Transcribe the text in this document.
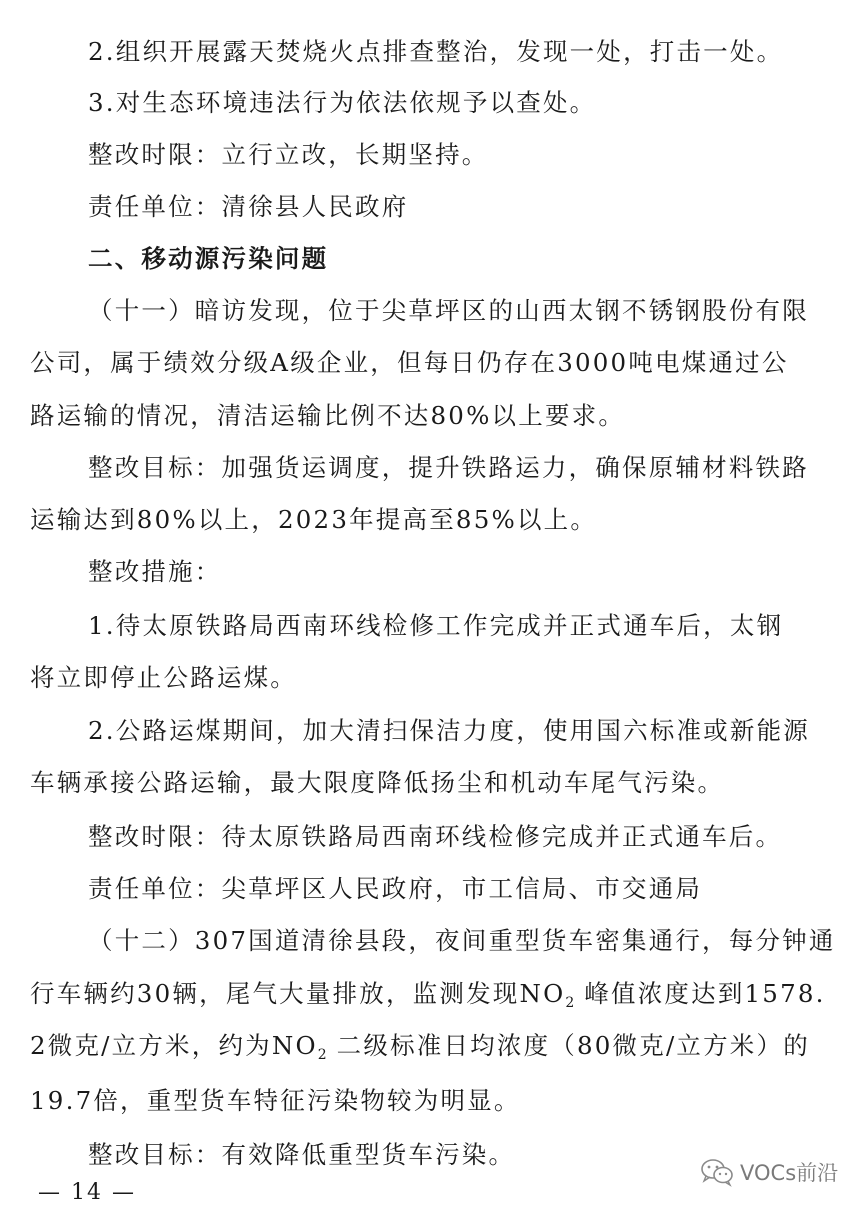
2.组织开展露天焚烧火点排查整治，发现一处，打击一处。
3.对生态环境违法行为依法依规予以查处。
整改时限：立行立改，长期坚持。
责任单位：清徐县人民政府
二、移动源污染问题
（十一）暗访发现，位于尖草坪区的山西太钢不锈钢股份有限
公司，属于绩效分级A级企业，但每日仍存在3000吨电煤通过公
路运输的情况，清洁运输比例不达80%以上要求。
整改目标：加强货运调度，提升铁路运力，确保原辅材料铁路
运输达到80%以上，2023年提高至85%以上。
整改措施：
1.待太原铁路局西南环线检修工作完成并正式通车后，太钢
将立即停止公路运煤。
2.公路运煤期间，加大清扫保洁力度，使用国六标准或新能源
车辆承接公路运输，最大限度降低扬尘和机动车尾气污染。
整改时限：待太原铁路局西南环线检修完成并正式通车后。
责任单位：尖草坪区人民政府，市工信局、市交通局
（十二）307国道清徐县段，夜间重型货车密集通行，每分钟通
行车辆约30辆，尾气大量排放，监测发现$NO_2$ 峰值浓度达到1578.
2微克/立方米，约为$NO_2$ 二级标准日均浓度（80微克/立方米）的
19.7倍，重型货车特征污染物较为明显。
整改目标：有效降低重型货车污染。
— 14 —
VOCs前沿
